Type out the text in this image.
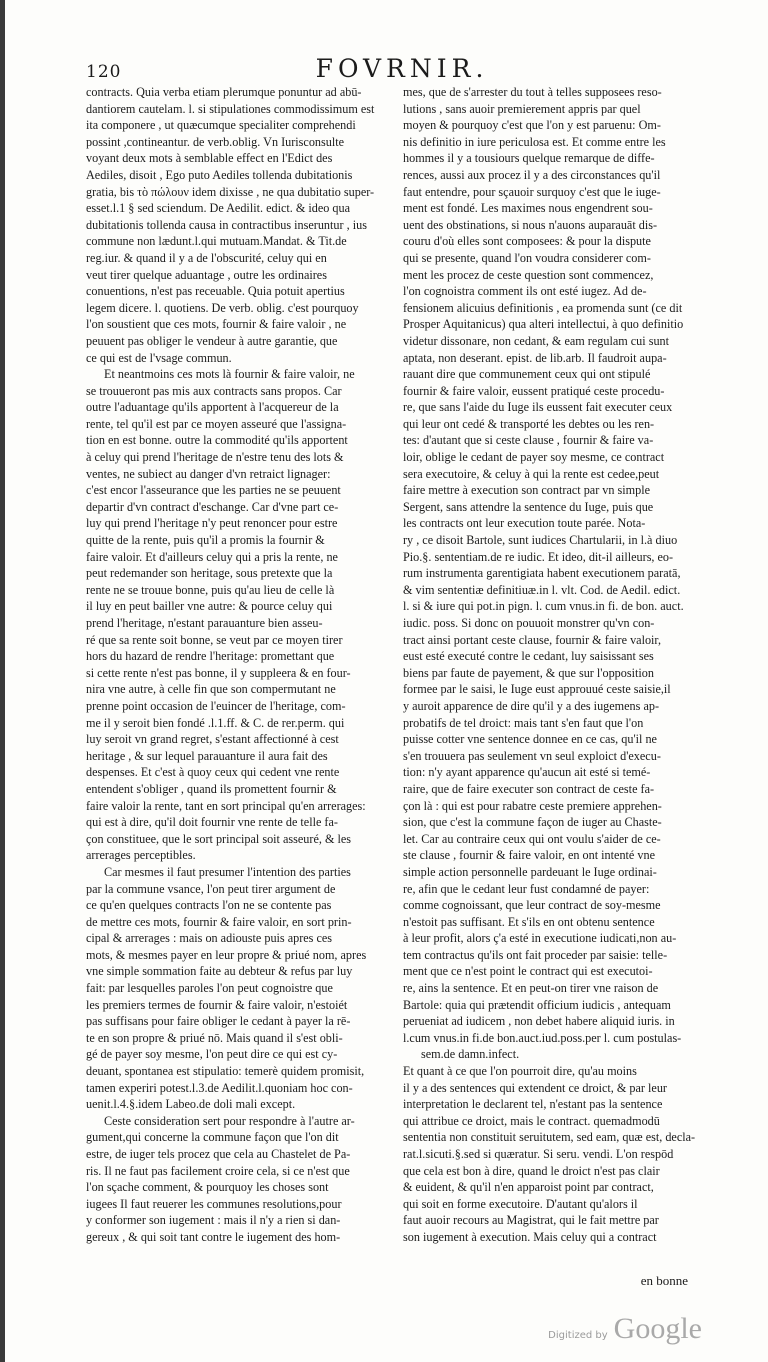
120	FOVRNIR.
contracts. Quia verba etiam plerumque ponuntur ad abū-
dantiorem cautelam. l. si stipulationes commodissimum est
ita componere , ut quæcumque specialiter comprehendi
possint ,contineantur. de verb.oblig. Vn Iurisconsulte
voyant deux mots à semblable effect en l'Edict des
Aediles, disoit , Ego puto Aediles tollenda dubitationis
gratia, bis τὸ πώλουν idem dixisse , ne qua dubitatio super-
esset.l.1 § sed sciendum. De Aedilit. edict. & ideo qua
dubitationis tollenda causa in contractibus inseruntur , ius
commune non lædunt.l.qui mutuam.Mandat. & Tit.de
reg.iur. & quand il y a de l'obscurité, celuy qui en
veut tirer quelque aduantage , outre les ordinaires
conuentions, n'est pas receuable. Quia potuit apertius
legem dicere. l. quotiens. De verb. oblig. c'est pourquoy
l'on soustient que ces mots, fournir & faire valoir , ne
peuuent pas obliger le vendeur à autre garantie, que
ce qui est de l'vsage commun.
Et neantmoins ces mots là fournir & faire valoir, ne
se trouueront pas mis aux contracts sans propos. Car
outre l'aduantage qu'ils apportent à l'acquereur de la
rente, tel qu'il est par ce moyen asseuré que l'assigna-
tion en est bonne. outre la commodité qu'ils apportent
à celuy qui prend l'heritage de n'estre tenu des lots &
ventes, ne subiect au danger d'vn retraict lignager:
c'est encor l'asseurance que les parties ne se peuuent
departir d'vn contract d'eschange. Car d'vne part ce-
luy qui prend l'heritage n'y peut renoncer pour estre
quitte de la rente, puis qu'il a promis la fournir &
faire valoir. Et d'ailleurs celuy qui a pris la rente, ne
peut redemander son heritage, sous pretexte que la
rente ne se trouue bonne, puis qu'au lieu de celle là
il luy en peut bailler vne autre: & pource celuy qui
prend l'heritage, n'estant parauanture bien asseu-
ré que sa rente soit bonne, se veut par ce moyen tirer
hors du hazard de rendre l'heritage: promettant que
si cette rente n'est pas bonne, il y suppleera & en four-
nira vne autre, à celle fin que son compermutant ne
prenne point occasion de l'euincer de l'heritage, com-
me il y seroit bien fondé .l.1.ff. & C. de rer.perm. qui
luy seroit vn grand regret, s'estant affectionné à cest
heritage , & sur lequel parauanture il aura fait des
despenses. Et c'est à quoy ceux qui cedent vne rente
entendent s'obliger , quand ils promettent fournir &
faire valoir la rente, tant en sort principal qu'en arrerages:
qui est à dire, qu'il doit fournir vne rente de telle fa-
çon constituee, que le sort principal soit asseuré, & les
arrerages perceptibles.
Car mesmes il faut presumer l'intention des parties
par la commune vsance, l'on peut tirer argument de
ce qu'en quelques contracts l'on ne se contente pas
de mettre ces mots, fournir & faire valoir, en sort prin-
cipal & arrerages : mais on adiouste puis apres ces
mots, & mesmes payer en leur propre & priué nom, apres
vne simple sommation faite au debteur & refus par luy
fait: par lesquelles paroles l'on peut cognoistre que
les premiers termes de fournir & faire valoir, n'estoiét
pas suffisans pour faire obliger le cedant à payer la rē-
te en son propre & priué nō. Mais quand il s'est obli-
gé de payer soy mesme, l'on peut dire ce qui est cy-
deuant, spontanea est stipulatio: temerè quidem promisit,
tamen experiri potest.l.3.de Aedilit.l.quoniam hoc con-
uenit.l.4.§.idem Labeo.de doli mali except.
Ceste consideration sert pour respondre à l'autre ar-
gument,qui concerne la commune façon que l'on dit
estre, de iuger tels procez que cela au Chastelet de Pa-
ris. Il ne faut pas facilement croire cela, si ce n'est que
l'on sçache comment, & pourquoy les choses sont
iugees Il faut reuerer les communes resolutions,pour
y conformer son iugement : mais il n'y a rien si dan-
gereux , & qui soit tant contre le iugement des hom-
mes, que de s'arrester du tout à telles supposees reso-
lutions , sans auoir premierement appris par quel
moyen & pourquoy c'est que l'on y est paruenu: Om-
nis definitio in iure periculosa est. Et comme entre les
hommes il y a tousiours quelque remarque de diffe-
rences, aussi aux procez il y a des circonstances qu'il
faut entendre, pour sçauoir surquoy c'est que le iuge-
ment est fondé. Les maximes nous engendrent sou-
uent des obstinations, si nous n'auons auparauāt dis-
couru d'où elles sont composees: & pour la dispute
qui se presente, quand l'on voudra considerer com-
ment les procez de ceste question sont commencez,
l'on cognoistra comment ils ont esté iugez. Ad de-
fensionem alicuius definitionis , ea promenda sunt (ce dit
Prosper Aquitanicus) qua alteri intellectui, à quo definitio
videtur dissonare, non cedant, & eam regulam cui sunt
aptata, non deserant. epist. de lib.arb. Il faudroit aupa-
rauant dire que communement ceux qui ont stipulé
fournir & faire valoir, eussent pratiqué ceste procedu-
re, que sans l'aide du Iuge ils eussent fait executer ceux
qui leur ont cedé & transporté les debtes ou les ren-
tes: d'autant que si ceste clause , fournir & faire va-
loir, oblige le cedant de payer soy mesme, ce contract
sera executoire, & celuy à qui la rente est cedee,peut
faire mettre à execution son contract par vn simple
Sergent, sans attendre la sentence du Iuge, puis que
les contracts ont leur execution toute parée. Nota-
ry , ce disoit Bartole, sunt iudices Chartularii, in l.à diuo
Pio.§. sententiam.de re iudic. Et ideo, dit-il ailleurs, eo-
rum instrumenta garentigiata habent executionem paratā,
& vim sententiæ definitiuæ.in l. vlt. Cod. de Aedil. edict.
l. si & iure qui pot.in pign. l. cum vnus.in fi. de bon. auct.
iudic. poss. Si donc on pouuoit monstrer qu'vn con-
tract ainsi portant ceste clause, fournir & faire valoir,
eust esté executé contre le cedant, luy saisissant ses
biens par faute de payement, & que sur l'opposition
formee par le saisi, le Iuge eust approuué ceste saisie,il
y auroit apparence de dire qu'il y a des iugemens ap-
probatifs de tel droict: mais tant s'en faut que l'on
puisse cotter vne sentence donnee en ce cas, qu'il ne
s'en trouuera pas seulement vn seul exploict d'execu-
tion: n'y ayant apparence qu'aucun ait esté si temé-
raire, que de faire executer son contract de ceste fa-
çon là : qui est pour rabatre ceste premiere apprehen-
sion, que c'est la commune façon de iuger au Chaste-
let. Car au contraire ceux qui ont voulu s'aider de ce-
ste clause , fournir & faire valoir, en ont intenté vne
simple action personnelle pardeuant le Iuge ordinai-
re, afin que le cedant leur fust condamné de payer:
comme cognoissant, que leur contract de soy-mesme
n'estoit pas suffisant. Et s'ils en ont obtenu sentence
à leur profit, alors ç'a esté in executione iudicati,non au-
tem contractus qu'ils ont fait proceder par saisie: telle-
ment que ce n'est point le contract qui est executoi-
re, ains la sentence. Et en peut-on tirer vne raison de
Bartole: quia qui prætendit officium iudicis , antequam
perueniat ad iudicem , non debet habere aliquid iuris. in
l.cum vnus.in fi.de bon.auct.iud.poss.per l. cum postulas-
sem.de damn.infect.
Et quant à ce que l'on pourroit dire, qu'au moins
il y a des sentences qui extendent ce droict, & par leur
interpretation le declarent tel, n'estant pas la sentence
qui attribue ce droict, mais le contract. quemadmodū
sententia non constituit seruitutem, sed eam, quæ est, decla-
rat.l.sicuti.§.sed si quæratur. Si seru. vendi. L'on respōd
que cela est bon à dire, quand le droict n'est pas clair
& euident, & qu'il n'en apparoist point par contract,
qui soit en forme executoire. D'autant qu'alors il
faut auoir recours au Magistrat, qui le fait mettre par
son iugement à execution. Mais celuy qui a contract
en bonne
Digitized by Google
